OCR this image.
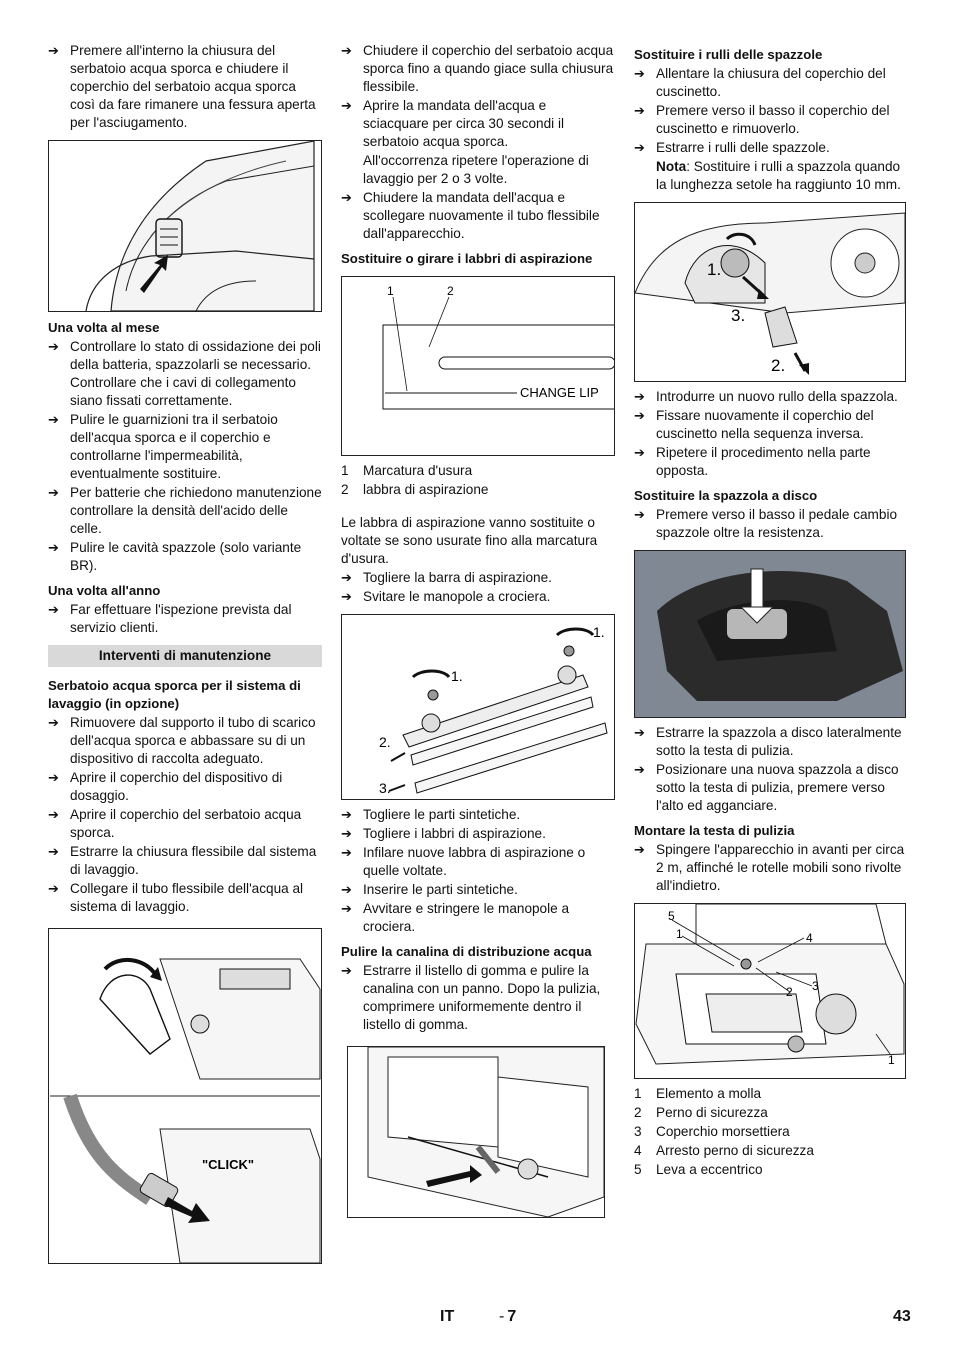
➔ Premere all'interno la chiusura del serbatoio acqua sporca e chiudere il coperchio del serbatoio acqua sporca così da fare rimanere una fessura aperta per l'asciugamento.

Una volta al mese

➔ Controllare lo stato di ossidazione dei poli della batteria, spazzolarli se necessario. Controllare che i cavi di collegamento siano fissati correttamente.

➔ Pulire le guarnizioni tra il serbatoio dell'acqua sporca e il coperchio e controllarne l'impermeabilità, eventualmente sostituire.

➔ Per batterie che richiedono manutenzione controllare la densità dell'acido delle celle.

➔ Pulire le cavità spazzole (solo variante BR).

Una volta all'anno

➔ Far effettuare l'ispezione prevista dal servizio clienti.

Interventi di manutenzione

Serbatoio acqua sporca per il sistema di lavaggio (in opzione)

➔ Rimuovere dal supporto il tubo di scarico dell'acqua sporca e abbassare su di un dispositivo di raccolta adeguato.

➔ Aprire il coperchio del dispositivo di dosaggio.

➔ Aprire il coperchio del serbatoio acqua sporca.

➔ Estrarre la chiusura flessibile dal sistema di lavaggio.

➔ Collegare il tubo flessibile dell'acqua al sistema di lavaggio.

"CLICK"

➔ Chiudere il coperchio del serbatoio acqua sporca fino a quando giace sulla chiusura flessibile.

➔ Aprire la mandata dell'acqua e sciacquare per circa 30 secondi il serbatoio acqua sporca.

All'occorrenza ripetere l'operazione di lavaggio per 2 o 3 volte.

➔ Chiudere la mandata dell'acqua e scollegare nuovamente il tubo flessibile dall'apparecchio.

Sostituire o girare i labbri di aspirazione

1	2
CHANGE LIP
1	Marcatura d'usura
2	labbra di aspirazione

Le labbra di aspirazione vanno sostituite o voltate se sono usurate fino alla marcatura d'usura.

➔ Togliere la barra di aspirazione.

➔ Svitare le manopole a crociera.

1.
1.
2.
3.

➔ Togliere le parti sintetiche.

➔ Togliere i labbri di aspirazione.

➔ Infilare nuove labbra di aspirazione o quelle voltate.

➔ Inserire le parti sintetiche.

➔ Avvitare e stringere le manopole a crociera.

Pulire la canalina di distribuzione acqua

➔ Estrarre il listello di gomma e pulire la canalina con un panno. Dopo la pulizia, comprimere uniformemente dentro il listello di gomma.

Sostituire i rulli delle spazzole

➔ Allentare la chiusura del coperchio del cuscinetto.

➔ Premere verso il basso il coperchio del cuscinetto e rimuoverlo.

➔ Estrarre i rulli delle spazzole.

Nota: Sostituire i rulli a spazzola quando la lunghezza setole ha raggiunto 10 mm.

1.
3.
2.

➔ Introdurre un nuovo rullo della spazzola.

➔ Fissare nuovamente il coperchio del cuscinetto nella sequenza inversa.

➔ Ripetere il procedimento nella parte opposta.

Sostituire la spazzola a disco

➔ Premere verso il basso il pedale cambio spazzole oltre la resistenza.

➔ Estrarre la spazzola a disco lateralmente sotto la testa di pulizia.

➔ Posizionare una nuova spazzola a disco sotto la testa di pulizia, premere verso l'alto ed agganciare.

Montare la testa di pulizia

➔ Spingere l'apparecchio in avanti per circa 2 m, affinché le rotelle mobili sono rivolte all'indietro.

5
1	4
2 3
1
1	Elemento a molla
2	Perno di sicurezza
3	Coperchio morsettiera
4	Arresto perno di sicurezza
5	Leva a eccentrico
IT	- 7	43
